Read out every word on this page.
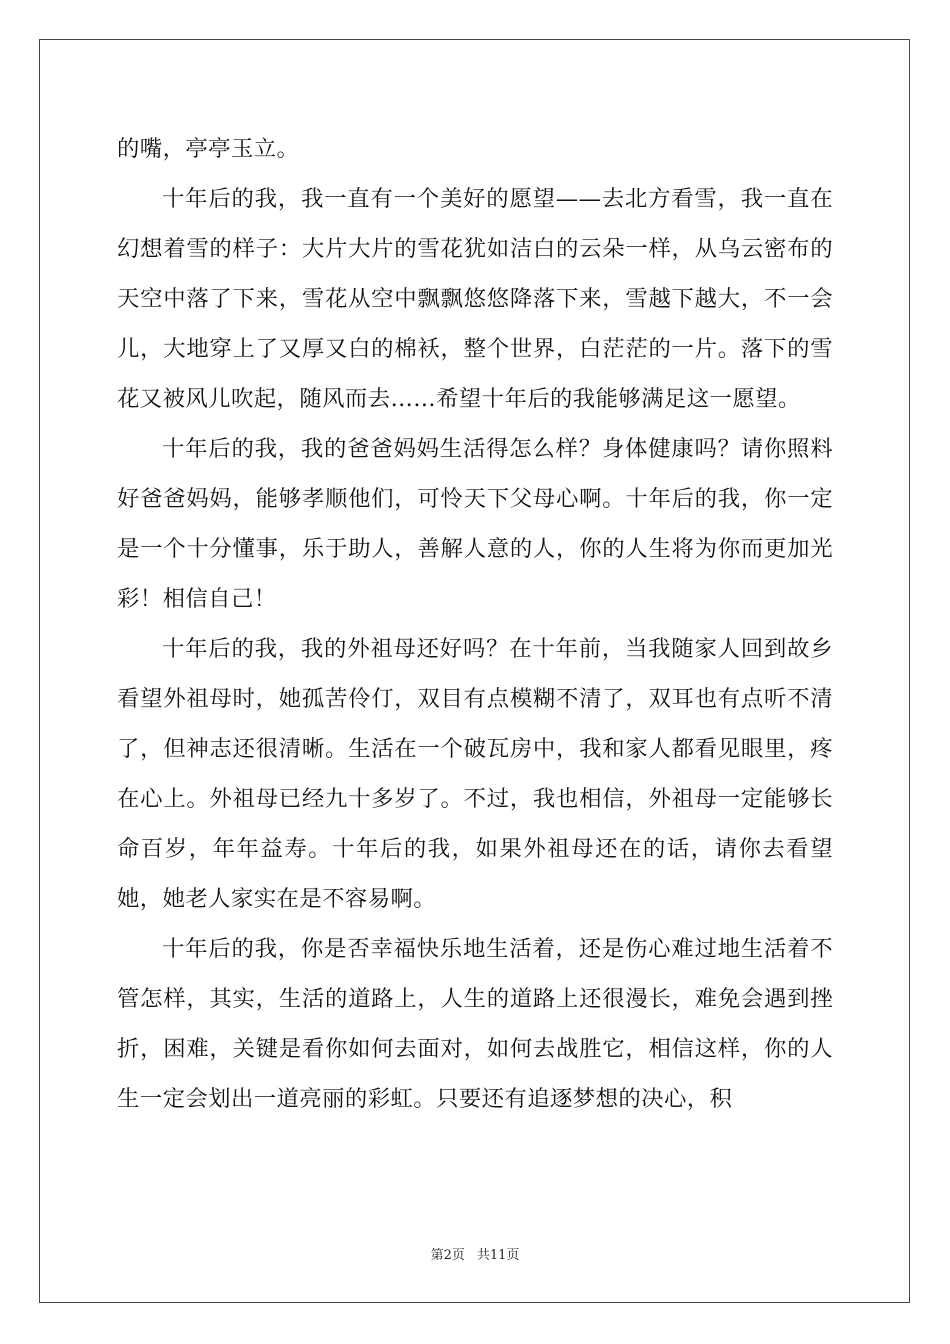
的嘴，亭亭玉立。

十年后的我，我一直有一个美好的愿望——去北方看雪，我一直在幻想着雪的样子：大片大片的雪花犹如洁白的云朵一样，从乌云密布的天空中落了下来，雪花从空中飘飘悠悠降落下来，雪越下越大，不一会儿，大地穿上了又厚又白的棉袄，整个世界，白茫茫的一片。落下的雪花又被风儿吹起，随风而去……希望十年后的我能够满足这一愿望。

十年后的我，我的爸爸妈妈生活得怎么样？身体健康吗？请你照料好爸爸妈妈，能够孝顺他们，可怜天下父母心啊。十年后的我，你一定是一个十分懂事，乐于助人，善解人意的人，你的人生将为你而更加光彩！相信自己！

十年后的我，我的外祖母还好吗？在十年前，当我随家人回到故乡看望外祖母时，她孤苦伶仃，双目有点模糊不清了，双耳也有点听不清了，但神志还很清晰。生活在一个破瓦房中，我和家人都看见眼里，疼在心上。外祖母已经九十多岁了。不过，我也相信，外祖母一定能够长命百岁，年年益寿。十年后的我，如果外祖母还在的话，请你去看望她，她老人家实在是不容易啊。

十年后的我，你是否幸福快乐地生活着，还是伤心难过地生活着不管怎样，其实，生活的道路上，人生的道路上还很漫长，难免会遇到挫折，困难，关键是看你如何去面对，如何去战胜它，相信这样，你的人生一定会划出一道亮丽的彩虹。只要还有追逐梦想的决心，积

第2页 共11页
